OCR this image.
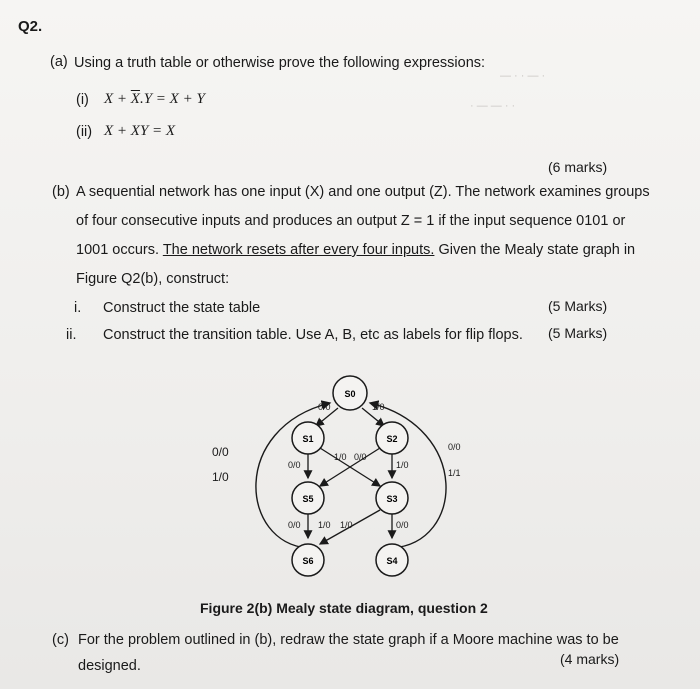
— · · — ·
· — — · ·
Q2.
(a) Using a truth table or otherwise prove the following expressions:
(i) $X + \overline{X}.Y = X + Y$
(ii) X + XY = X
(6 marks)
(b) A sequential network has one input (X) and one output (Z). The network examines groups
of four consecutive inputs and produces an output Z = 1 if the input sequence 0101 or
1001 occurs. The network resets after every four inputs. Given the Mealy state graph in
Figure Q2(b), construct:
i. Construct the state table	(5 Marks)
ii. Construct the transition table. Use A, B, etc as labels for flip flops. (5 Marks)
0/0
1/0
S0
S1	S2
S5	S3
S6	S4
0/0	1/0
0/0
1/0 0/0
1/0
0/0 1/0 1/0	0/0
0/0
1/1
Figure 2(b) Mealy state diagram, question 2
(c) For the problem outlined in (b), redraw the state graph if a Moore machine was to be
designed.	(4 marks)
